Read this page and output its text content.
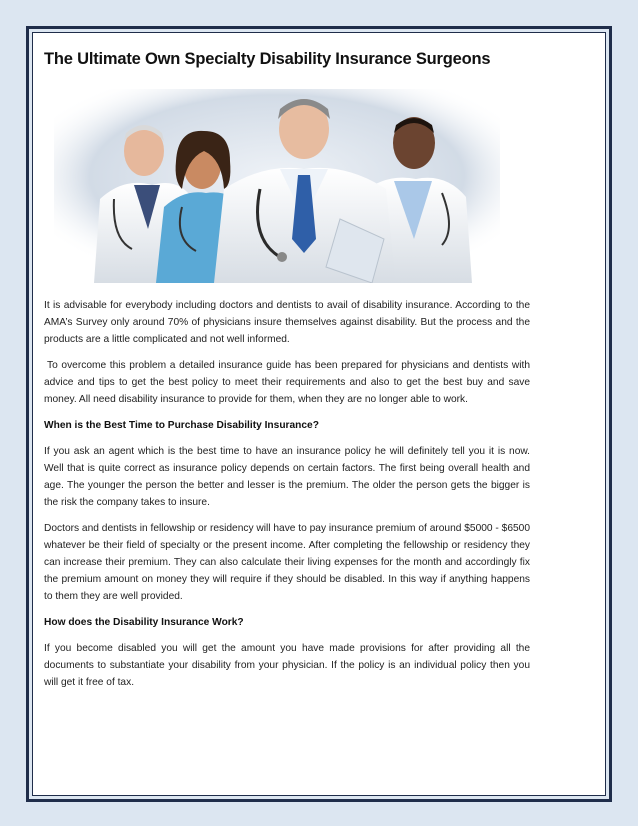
The Ultimate Own Specialty Disability Insurance Surgeons

It is advisable for everybody including doctors and dentists to avail of disability insurance. According to the AMA’s Survey only around 70% of physicians insure themselves against disability. But the process and the products are a little complicated and not well informed.

To overcome this problem a detailed insurance guide has been prepared for physicians and dentists with advice and tips to get the best policy to meet their requirements and also to get the best buy and save money. All need disability insurance to provide for them, when they are no longer able to work.

When is the Best Time to Purchase Disability Insurance?

If you ask an agent which is the best time to have an insurance policy he will definitely tell you it is now. Well that is quite correct as insurance policy depends on certain factors. The first being overall health and age. The younger the person the better and lesser is the premium. The older the person gets the bigger is the risk the company takes to insure.

Doctors and dentists in fellowship or residency will have to pay insurance premium of around $5000 - $6500 whatever be their field of specialty or the present income. After completing the fellowship or residency they can increase their premium. They can also calculate their living expenses for the month and accordingly fix the premium amount on money they will require if they should be disabled. In this way if anything happens to them they are well provided.

How does the Disability Insurance Work?

If you become disabled you will get the amount you have made provisions for after providing all the documents to substantiate your disability from your physician. If the policy is an individual policy then you will get it free of tax.
